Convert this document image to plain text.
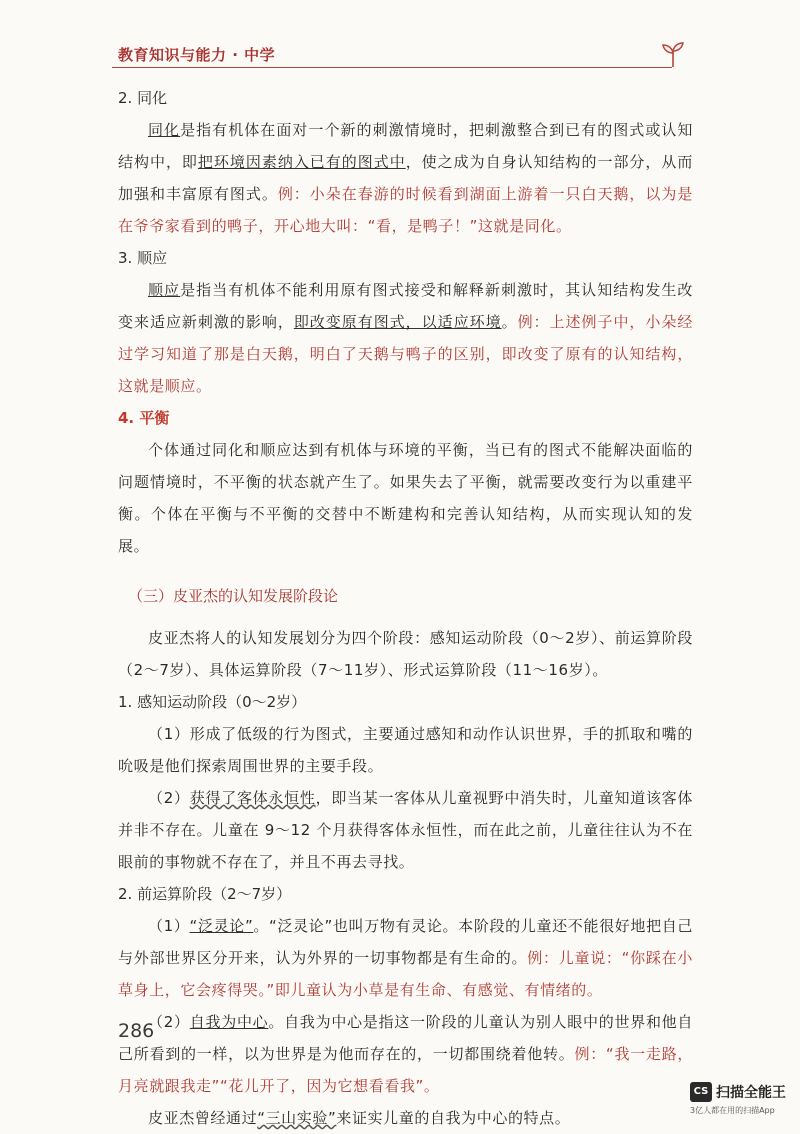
教育知识与能力 · 中学

2. 同化

同化是指有机体在面对一个新的刺激情境时，把刺激整合到已有的图式或认知结构中，即把环境因素纳入已有的图式中，使之成为自身认知结构的一部分，从而加强和丰富原有图式。例：小朵在春游的时候看到湖面上游着一只白天鹅，以为是在爷爷家看到的鸭子，开心地大叫：“看，是鸭子！”这就是同化。

3. 顺应

顺应是指当有机体不能利用原有图式接受和解释新刺激时，其认知结构发生改变来适应新刺激的影响，即改变原有图式，以适应环境。例：上述例子中，小朵经过学习知道了那是白天鹅，明白了天鹅与鸭子的区别，即改变了原有的认知结构，这就是顺应。

4. 平衡

个体通过同化和顺应达到有机体与环境的平衡，当已有的图式不能解决面临的问题情境时，不平衡的状态就产生了。如果失去了平衡，就需要改变行为以重建平衡。个体在平衡与不平衡的交替中不断建构和完善认知结构，从而实现认知的发展。

（三）皮亚杰的认知发展阶段论

皮亚杰将人的认知发展划分为四个阶段：感知运动阶段（0～2岁）、前运算阶段（2～7岁）、具体运算阶段（7～11岁）、形式运算阶段（11～16岁）。

1. 感知运动阶段（0～2岁）

（1）形成了低级的行为图式，主要通过感知和动作认识世界，手的抓取和嘴的吮吸是他们探索周围世界的主要手段。

（2）获得了客体永恒性，即当某一客体从儿童视野中消失时，儿童知道该客体并非不存在。儿童在 9～12 个月获得客体永恒性，而在此之前，儿童往往认为不在眼前的事物就不存在了，并且不再去寻找。

2. 前运算阶段（2～7岁）

（1）“泛灵论”。“泛灵论”也叫万物有灵论。本阶段的儿童还不能很好地把自己与外部世界区分开来，认为外界的一切事物都是有生命的。例：儿童说：“你踩在小草身上，它会疼得哭。”即儿童认为小草是有生命、有感觉、有情绪的。

（2）自我为中心。自我为中心是指这一阶段的儿童认为别人眼中的世界和他自己所看到的一样，以为世界是为他而存在的，一切都围绕着他转。例：“我一走路，月亮就跟我走”“花儿开了，因为它想看看我”。

皮亚杰曾经通过“三山实验”来证实儿童的自我为中心的特点。

286
CS 扫描全能王
3亿人都在用的扫描App
